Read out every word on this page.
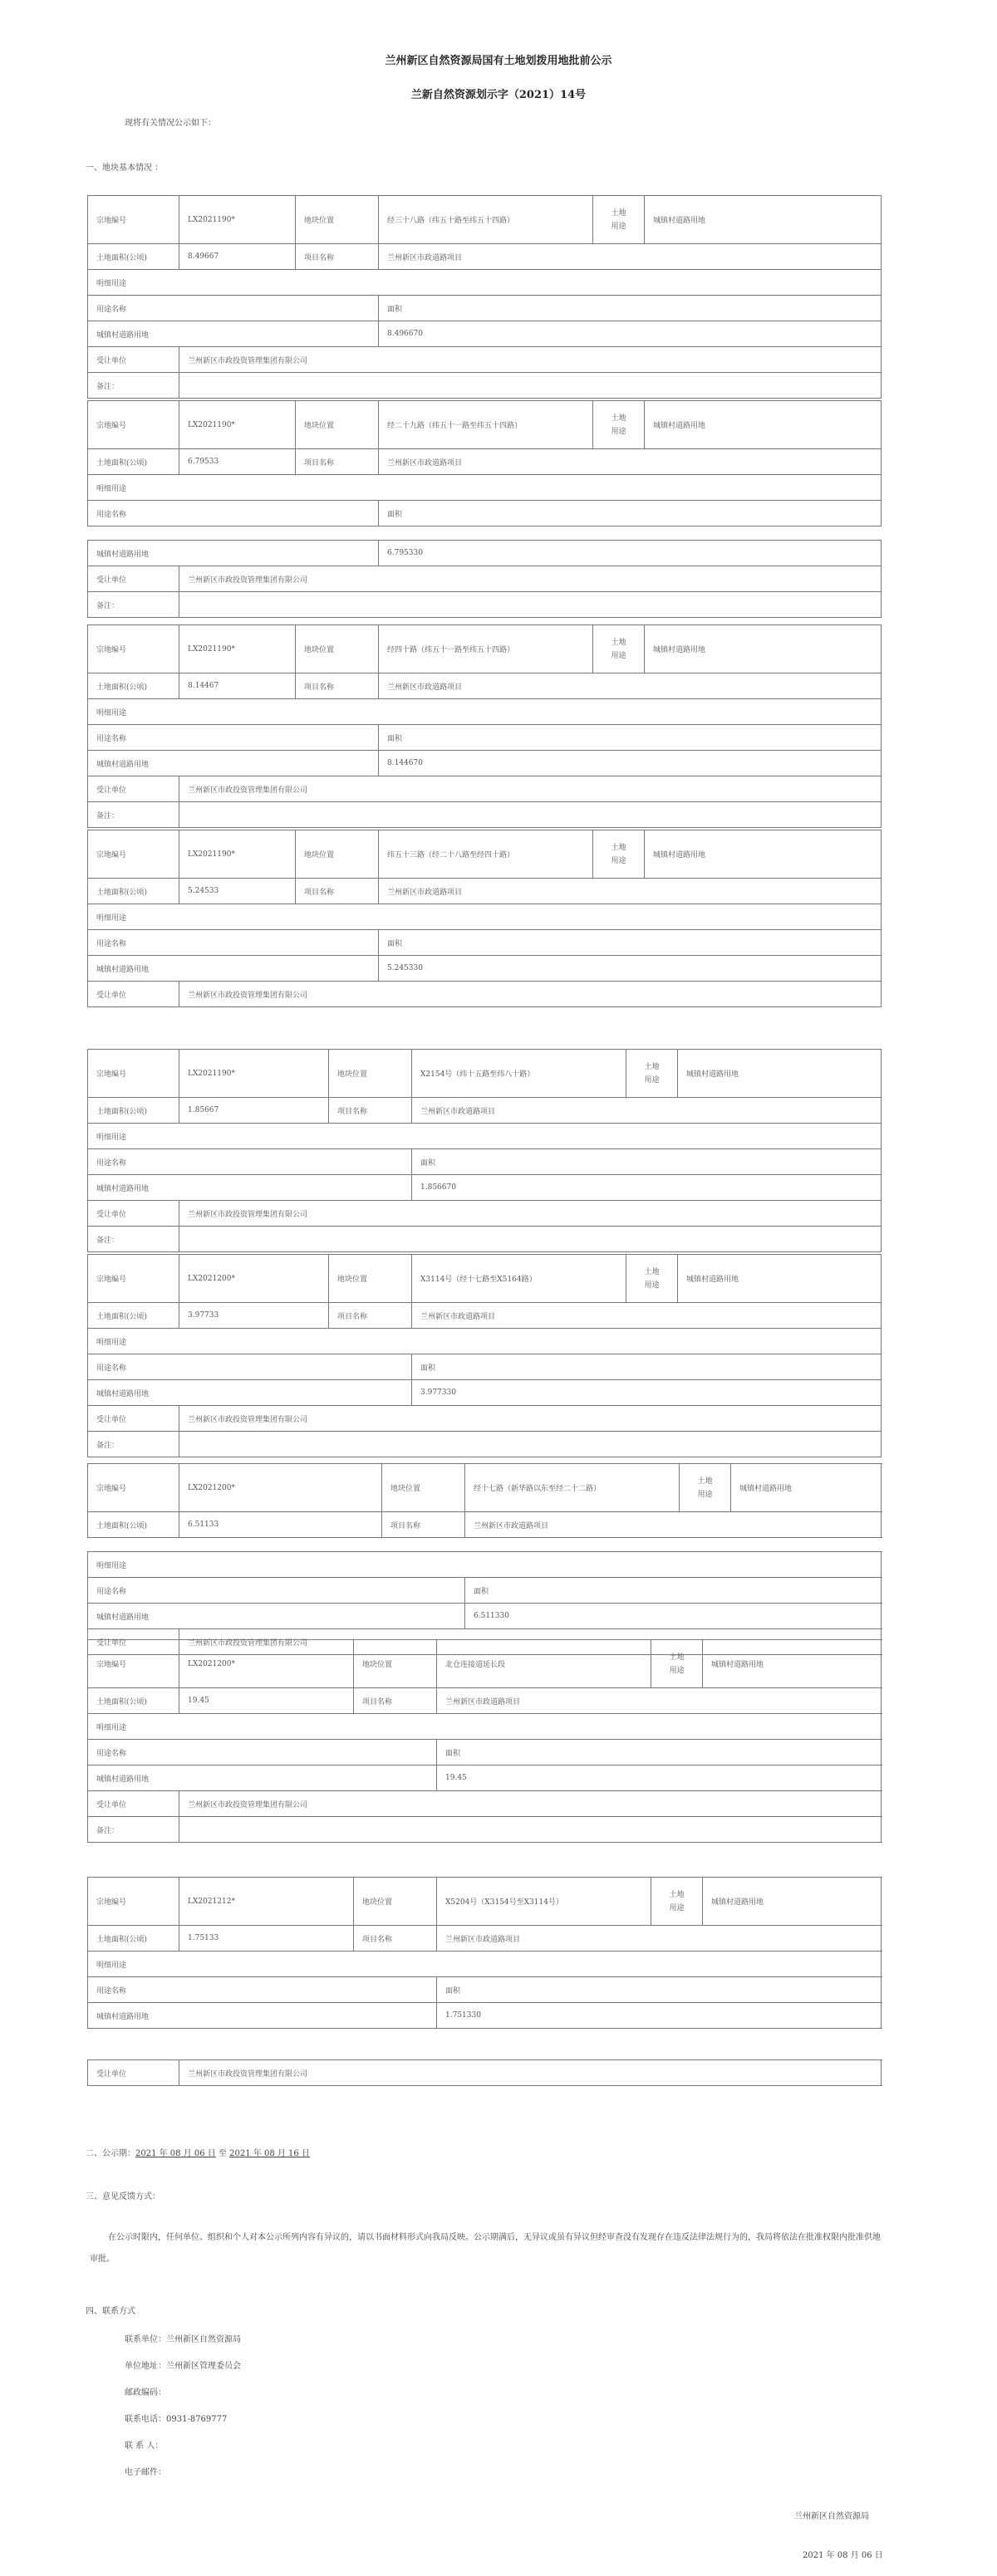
兰州新区自然资源局国有土地划拨用地批前公示
兰新自然资源划示字（2021）14号
现将有关情况公示如下：
一、地块基本情况 ：
宗地编号	LX2021190*	地块位置	经三十八路（纬五十路至纬五十四路）	土地
用途	城镇村道路用地
土地面积(公顷)	8.49667	项目名称	兰州新区市政道路项目		
明细用途					
用途名称			面积		
城镇村道路用地			8.496670		
受让单位	兰州新区市政投资管理集团有限公司				
备注：					
宗地编号	LX2021190*	地块位置	经二十九路（纬五十一路至纬五十四路）	土地
用途	城镇村道路用地
土地面积(公顷)	6.79533	项目名称	兰州新区市政道路项目		
明细用途					
用途名称			面积		
城镇村道路用地		6.795330
受让单位	兰州新区市政投资管理集团有限公司	
备注：		
宗地编号	LX2021190*	地块位置	经四十路（纬五十一路至纬五十四路）	土地
用途	城镇村道路用地
土地面积(公顷)	8.14467	项目名称	兰州新区市政道路项目		
明细用途					
用途名称			面积		
城镇村道路用地			8.144670		
受让单位	兰州新区市政投资管理集团有限公司				
备注：					
宗地编号	LX2021190*	地块位置	纬五十三路（经二十八路至经四十路）	土地
用途	城镇村道路用地
土地面积(公顷)	5.24533	项目名称	兰州新区市政道路项目		
明细用途					
用途名称			面积		
城镇村道路用地			5.245330		
受让单位	兰州新区市政投资管理集团有限公司				
宗地编号	LX2021190*	地块位置	X2154号（纬十五路至纬八十路）	土地
用途	城镇村道路用地
土地面积(公顷)	1.85667	项目名称	兰州新区市政道路项目		
明细用途					
用途名称			面积		
城镇村道路用地			1.856670		
受让单位	兰州新区市政投资管理集团有限公司				
备注：					
宗地编号	LX2021200*	地块位置	X3114号（经十七路至X5164路）	土地
用途	城镇村道路用地
土地面积(公顷)	3.97733	项目名称	兰州新区市政道路项目		
明细用途					
用途名称			面积		
城镇村道路用地			3.977330		
受让单位	兰州新区市政投资管理集团有限公司				
备注：					
宗地编号	LX2021200*	地块位置	经十七路（新华路以东至经二十二路）	土地
用途	城镇村道路用地
土地面积(公顷)	6.51133	项目名称	兰州新区市政道路项目		
明细用途		
用途名称		面积
城镇村道路用地		6.511330
受让单位	兰州新区市政投资管理集团有限公司	
宗地编号	LX2021200*	地块位置	北仓连接道延长段	土地
用途	城镇村道路用地
土地面积(公顷)	19.45	项目名称	兰州新区市政道路项目		
明细用途					
用途名称			面积		
城镇村道路用地			19.45		
受让单位	兰州新区市政投资管理集团有限公司				
备注：					
宗地编号	LX2021212*	地块位置	X5204号（X3154号至X3114号）	土地
用途	城镇村道路用地
土地面积(公顷)	1.75133	项目名称	兰州新区市政道路项目		
明细用途					
用途名称			面积		
城镇村道路用地			1.751330		
受让单位	兰州新区市政投资管理集团有限公司
二、公示期：2021 年 08 月 06 日 至 2021 年 08 月 16 日
三、意见反馈方式：
在公示时限内，任何单位、组织和个人对本公示所列内容有异议的，请以书面材料形式向我局反映。公示期满后，无异议或虽有异议但经审查没有发现存在违反法律法规行为的，我局将依法在批准权限内批准供地审批。
四、联系方式
联系单位：兰州新区自然资源局
单位地址：兰州新区管理委员会
邮政编码：
联系电话：0931-8769777
联 系 人：
电子邮件：
兰州新区自然资源局
2021 年 08 月 06 日
